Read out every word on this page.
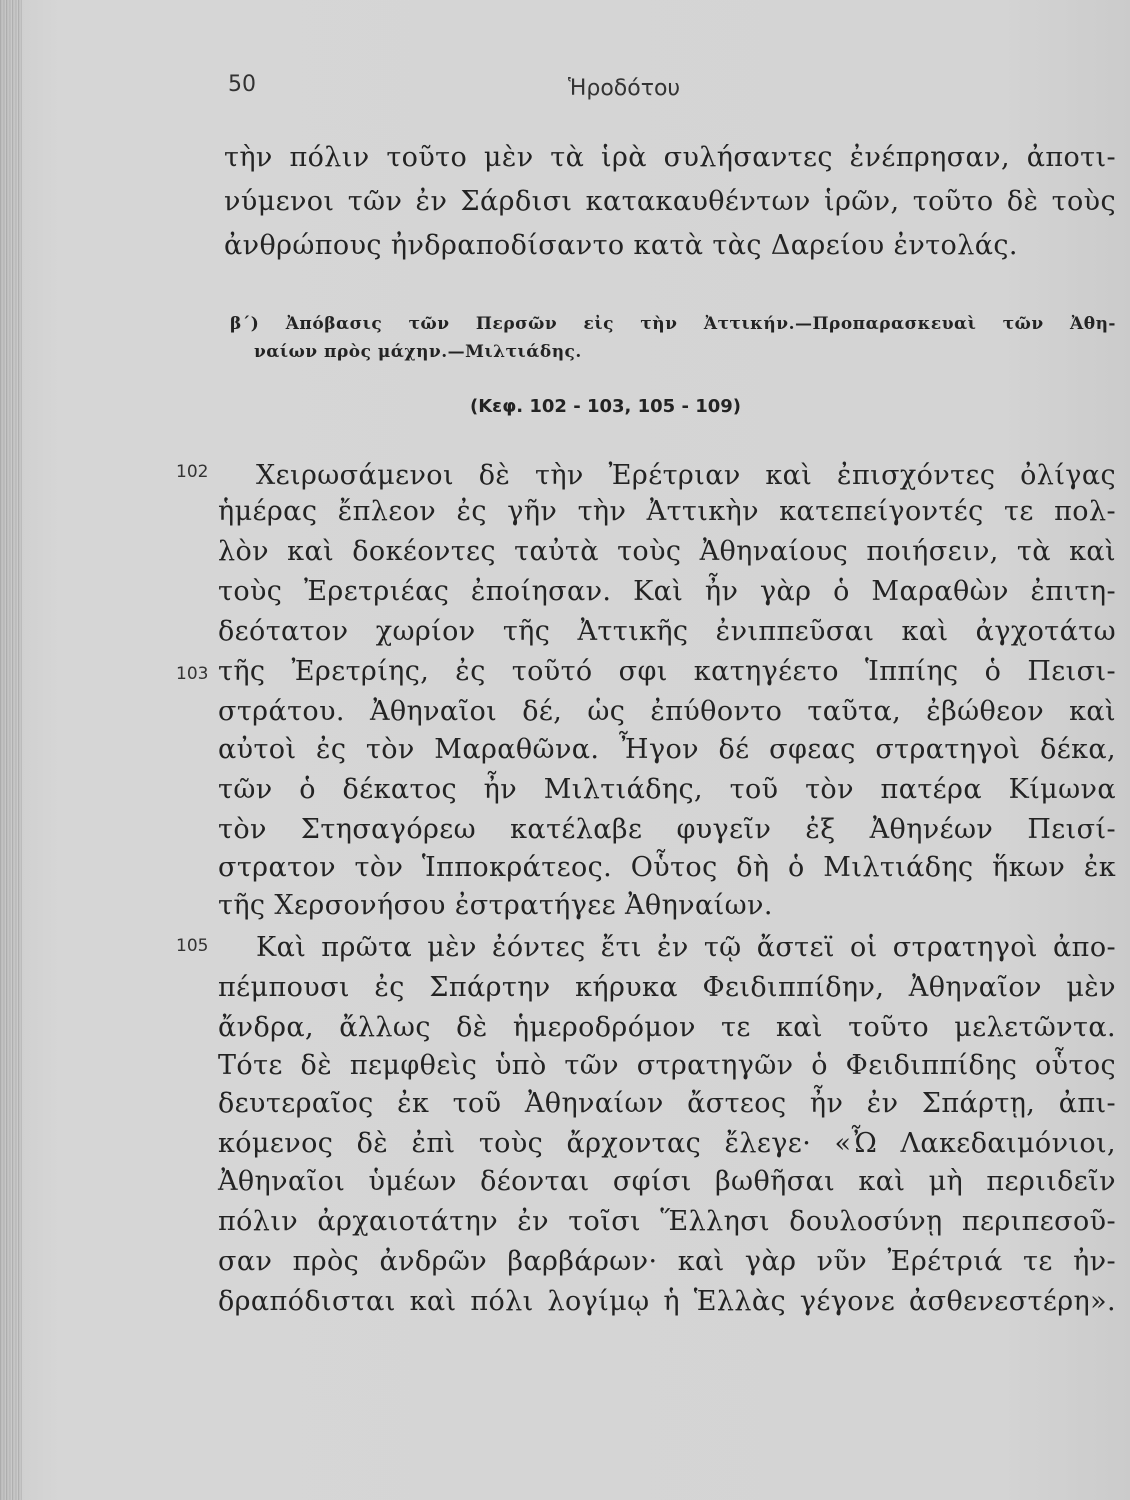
50	Ἡροδότου
τὴν πόλιν τοῦτο μὲν τὰ ἱρὰ συλήσαντες ἐνέπρησαν, ἀποτι-
νύμενοι τῶν ἐν Σάρδισι κατακαυθέντων ἱρῶν, τοῦτο δὲ τοὺς
ἀνθρώπους ἠνδραποδίσαντο κατὰ τὰς Δαρείου ἐντολάς.
β΄) Ἀπόβασις τῶν Περσῶν εἰς τὴν Ἀττικήν.—Προπαρασκευαὶ τῶν Ἀθη-
ναίων πρὸς μάχην.—Μιλτιάδης.
(Κεφ. 102 - 103, 105 - 109)
102
103
105
Χειρωσάμενοι δὲ τὴν Ἐρέτριαν καὶ ἐπισχόντες ὀλίγας
ἡμέρας ἔπλεον ἐς γῆν τὴν Ἀττικὴν κατεπείγοντές τε πολ-
λὸν καὶ δοκέοντες ταὐτὰ τοὺς Ἀθηναίους ποιήσειν, τὰ καὶ
τοὺς Ἐρετριέας ἐποίησαν. Καὶ ἦν γὰρ ὁ Μαραθὼν ἐπιτη-
δεότατον χωρίον τῆς Ἀττικῆς ἐνιππεῦσαι καὶ ἀγχοτάτω
τῆς Ἐρετρίης, ἐς τοῦτό σφι κατηγέετο Ἱππίης ὁ Πεισι-
στράτου. Ἀθηναῖοι δέ, ὡς ἐπύθοντο ταῦτα, ἐβώθεον καὶ
αὐτοὶ ἐς τὸν Μαραθῶνα. Ἦγον δέ σφεας στρατηγοὶ δέκα,
τῶν ὁ δέκατος ἦν Μιλτιάδης, τοῦ τὸν πατέρα Κίμωνα
τὸν Στησαγόρεω κατέλαβε φυγεῖν ἐξ Ἀθηνέων Πεισί-
στρατον τὸν Ἱπποκράτεος. Οὗτος δὴ ὁ Μιλτιάδης ἥκων ἐκ
τῆς Χερσονήσου ἐστρατήγεε Ἀθηναίων.
Καὶ πρῶτα μὲν ἐόντες ἔτι ἐν τῷ ἄστεϊ οἱ στρατηγοὶ ἀπο-
πέμπουσι ἐς Σπάρτην κήρυκα Φειδιππίδην, Ἀθηναῖον μὲν
ἄνδρα, ἄλλως δὲ ἡμεροδρόμον τε καὶ τοῦτο μελετῶντα.
Τότε δὲ πεμφθεὶς ὑπὸ τῶν στρατηγῶν ὁ Φειδιππίδης οὗτος
δευτεραῖος ἐκ τοῦ Ἀθηναίων ἄστεος ἦν ἐν Σπάρτῃ, ἀπι-
κόμενος δὲ ἐπὶ τοὺς ἄρχοντας ἔλεγε· «Ὦ Λακεδαιμόνιοι,
Ἀθηναῖοι ὑμέων δέονται σφίσι βωθῆσαι καὶ μὴ περιιδεῖν
πόλιν ἀρχαιοτάτην ἐν τοῖσι Ἕλλησι δουλοσύνῃ περιπεσοῦ-
σαν πρὸς ἀνδρῶν βαρβάρων· καὶ γὰρ νῦν Ἐρέτριά τε ἠν-
δραπόδισται καὶ πόλι λογίμῳ ἡ Ἑλλὰς γέγονε ἀσθενεστέρη».
